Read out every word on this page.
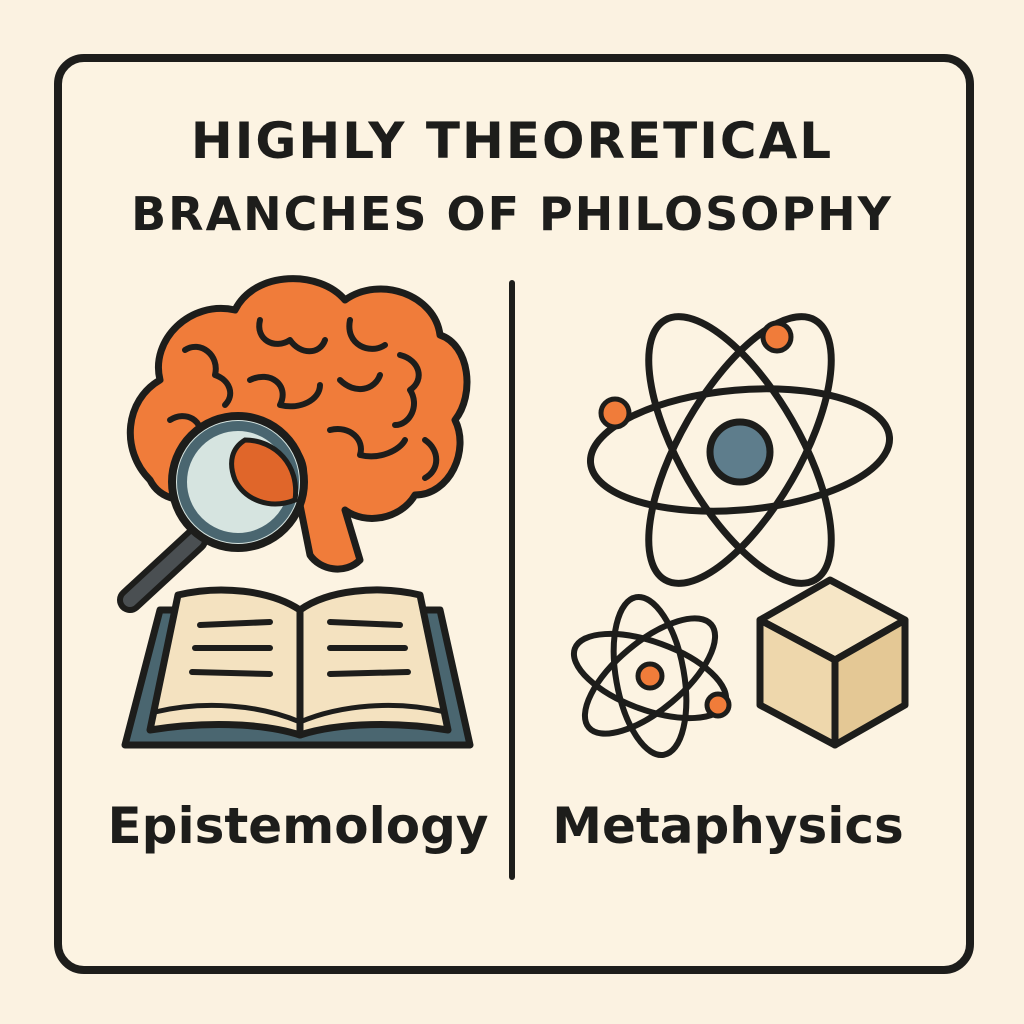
HIGHLY THEORETICAL
BRANCHES OF PHILOSOPHY
Epistemology	Metaphysics
